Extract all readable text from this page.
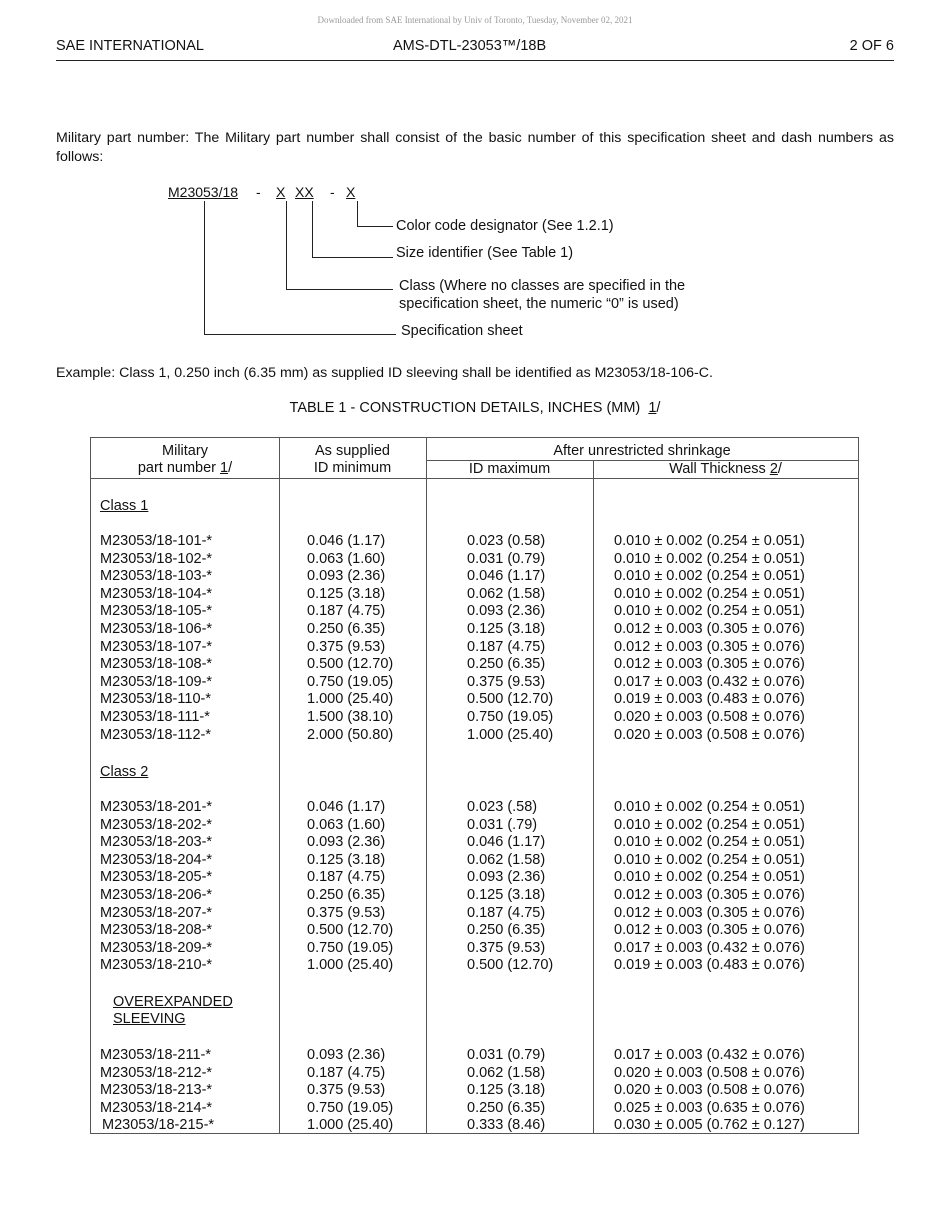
Downloaded from SAE International by Univ of Toronto, Tuesday, November 02, 2021
SAE INTERNATIONAL	AMS-DTL-23053™/18B	2 OF 6
Military part number: The Military part number shall consist of the basic number of this specification sheet and dash numbers as follows:
M23053/18 - X XX - X
Color code designator (See 1.2.1)
Size identifier (See Table 1)
Class (Where no classes are specified in the
specification sheet, the numeric “0” is used)
Specification sheet
Example: Class 1, 0.250 inch (6.35 mm) as supplied ID sleeving shall be identified as M23053/18-106-C.
TABLE 1 - CONSTRUCTION DETAILS, INCHES (MM) 1/
Military
part number 1/
As supplied
ID minimum
After unrestricted shrinkage
ID maximum	Wall Thickness 2/
Class 1
Class 2
OVEREXPANDED
SLEEVING
M23053/18-101-*	0.046 (1.17)	0.023 (0.58)	0.010 ± 0.002 (0.254 ± 0.051)
M23053/18-102-*	0.063 (1.60)	0.031 (0.79)	0.010 ± 0.002 (0.254 ± 0.051)
M23053/18-103-*	0.093 (2.36)	0.046 (1.17)	0.010 ± 0.002 (0.254 ± 0.051)
M23053/18-104-*	0.125 (3.18)	0.062 (1.58)	0.010 ± 0.002 (0.254 ± 0.051)
M23053/18-105-*	0.187 (4.75)	0.093 (2.36)	0.010 ± 0.002 (0.254 ± 0.051)
M23053/18-106-*	0.250 (6.35)	0.125 (3.18)	0.012 ± 0.003 (0.305 ± 0.076)
M23053/18-107-*	0.375 (9.53)	0.187 (4.75)	0.012 ± 0.003 (0.305 ± 0.076)
M23053/18-108-*	0.500 (12.70)	0.250 (6.35)	0.012 ± 0.003 (0.305 ± 0.076)
M23053/18-109-*	0.750 (19.05)	0.375 (9.53)	0.017 ± 0.003 (0.432 ± 0.076)
M23053/18-110-*	1.000 (25.40)	0.500 (12.70)	0.019 ± 0.003 (0.483 ± 0.076)
M23053/18-111-*	1.500 (38.10)	0.750 (19.05)	0.020 ± 0.003 (0.508 ± 0.076)
M23053/18-112-*	2.000 (50.80)	1.000 (25.40)	0.020 ± 0.003 (0.508 ± 0.076)
M23053/18-201-*	0.046 (1.17)	0.023 (.58)	0.010 ± 0.002 (0.254 ± 0.051)
M23053/18-202-*	0.063 (1.60)	0.031 (.79)	0.010 ± 0.002 (0.254 ± 0.051)
M23053/18-203-*	0.093 (2.36)	0.046 (1.17)	0.010 ± 0.002 (0.254 ± 0.051)
M23053/18-204-*	0.125 (3.18)	0.062 (1.58)	0.010 ± 0.002 (0.254 ± 0.051)
M23053/18-205-*	0.187 (4.75)	0.093 (2.36)	0.010 ± 0.002 (0.254 ± 0.051)
M23053/18-206-*	0.250 (6.35)	0.125 (3.18)	0.012 ± 0.003 (0.305 ± 0.076)
M23053/18-207-*	0.375 (9.53)	0.187 (4.75)	0.012 ± 0.003 (0.305 ± 0.076)
M23053/18-208-*	0.500 (12.70)	0.250 (6.35)	0.012 ± 0.003 (0.305 ± 0.076)
M23053/18-209-*	0.750 (19.05)	0.375 (9.53)	0.017 ± 0.003 (0.432 ± 0.076)
M23053/18-210-*	1.000 (25.40)	0.500 (12.70)	0.019 ± 0.003 (0.483 ± 0.076)
M23053/18-211-*	0.093 (2.36)	0.031 (0.79)	0.017 ± 0.003 (0.432 ± 0.076)
M23053/18-212-*	0.187 (4.75)	0.062 (1.58)	0.020 ± 0.003 (0.508 ± 0.076)
M23053/18-213-*	0.375 (9.53)	0.125 (3.18)	0.020 ± 0.003 (0.508 ± 0.076)
M23053/18-214-*	0.750 (19.05)	0.250 (6.35)	0.025 ± 0.003 (0.635 ± 0.076)
M23053/18-215-*	1.000 (25.40)	0.333 (8.46)	0.030 ± 0.005 (0.762 ± 0.127)
